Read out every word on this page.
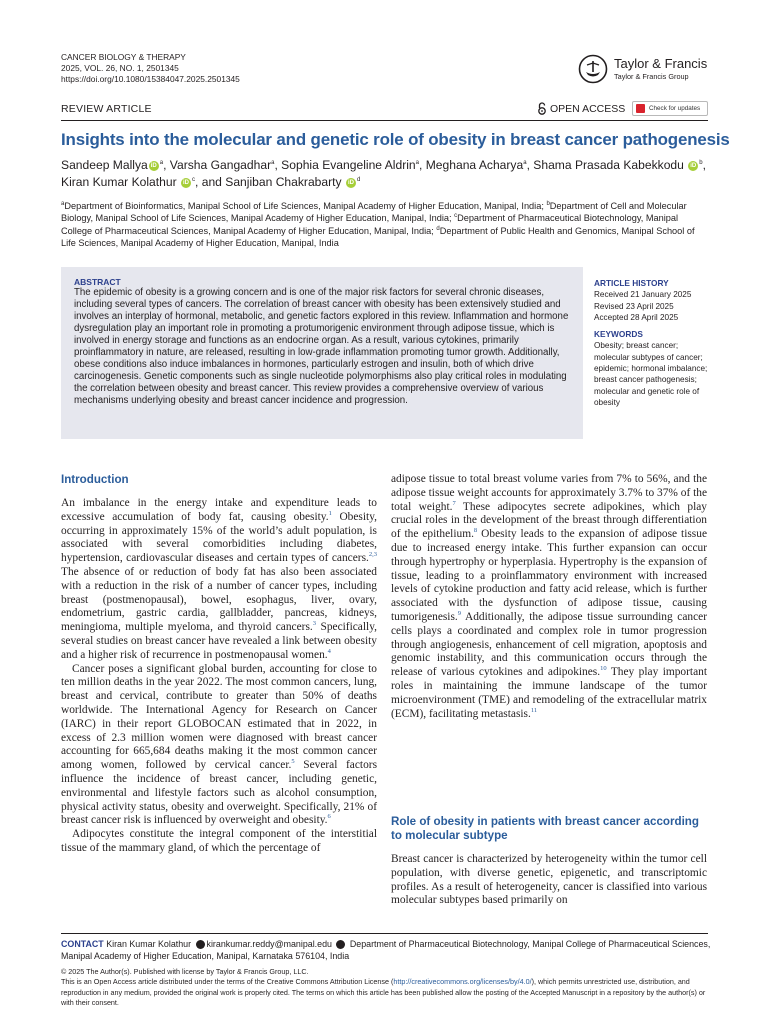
CANCER BIOLOGY & THERAPY
2025, VOL. 26, NO. 1, 2501345
https://doi.org/10.1080/15384047.2025.2501345
Taylor & Francis
Taylor & Francis Group
REVIEW ARTICLE	OPEN ACCESS	Check for updates
Insights into the molecular and genetic role of obesity in breast cancer pathogenesis
Sandeep Mallya iD $^a$, Varsha Gangadhar$^a$, Sophia Evangeline Aldrin$^a$, Meghana Acharya$^a$, Shama Prasada Kabekkodu iD $^b$, Kiran Kumar Kolathur iD $^c$, and Sanjiban Chakrabarty iD $^d$
$^a$Department of Bioinformatics, Manipal School of Life Sciences, Manipal Academy of Higher Education, Manipal, India; $^b$Department of Cell and Molecular Biology, Manipal School of Life Sciences, Manipal Academy of Higher Education, Manipal, India; $^c$Department of Pharmaceutical Biotechnology, Manipal College of Pharmaceutical Sciences, Manipal Academy of Higher Education, Manipal, India; $^d$Department of Public Health and Genomics, Manipal School of Life Sciences, Manipal Academy of Higher Education, Manipal, India
ABSTRACT
The epidemic of obesity is a growing concern and is one of the major risk factors for several chronic diseases, including several types of cancers. The correlation of breast cancer with obesity has been extensively studied and involves an interplay of hormonal, metabolic, and genetic factors explored in this review. Inflammation and hormone dysregulation play an important role in promoting a protumorigenic environment through adipose tissue, which is involved in energy storage and functions as an endocrine organ. As a result, various cytokines, primarily proinflammatory in nature, are released, resulting in low-grade inflammation promoting tumor growth. Additionally, obese conditions also induce imbalances in hormones, particularly estrogen and insulin, both of which drive carcinogenesis. Genetic components such as single nucleotide polymorphisms also play critical roles in modulating the correlation between obesity and breast cancer. This review provides a comprehensive overview of various mechanisms underlying obesity and breast cancer incidence and progression.
ARTICLE HISTORY
Received 21 January 2025
Revised 23 April 2025
Accepted 28 April 2025
KEYWORDS
Obesity; breast cancer; molecular subtypes of cancer; epidemic; hormonal imbalance; breast cancer pathogenesis; molecular and genetic role of obesity
Introduction

An imbalance in the energy intake and expenditure leads to excessive accumulation of body fat, causing obesity.$^1$ Obesity, occurring in approximately 15% of the world’s adult population, is associated with several comorbidities including diabetes, hypertension, cardiovascular diseases and certain types of cancers.$^{2,3}$ The absence of or reduction of body fat has also been associated with a reduction in the risk of a number of cancer types, including breast (postmenopausal), bowel, esophagus, liver, ovary, endometrium, gastric cardia, gallbladder, pancreas, kidneys, meningioma, multiple myeloma, and thyroid cancers.$^3$ Specifically, several studies on breast cancer have revealed a link between obesity and a higher risk of recurrence in postmenopausal women.$^4$

Cancer poses a significant global burden, accounting for close to ten million deaths in the year 2022. The most common cancers, lung, breast and cervical, contribute to greater than 50% of deaths worldwide. The International Agency for Research on Cancer (IARC) in their report GLOBOCAN estimated that in 2022, in excess of 2.3 million women were diagnosed with breast cancer accounting for 665,684 deaths making it the most common cancer among women, followed by cervical cancer.$^5$ Several factors influence the incidence of breast cancer, including genetic, environmental and lifestyle factors such as alcohol consumption, physical activity status, obesity and overweight. Specifically, 21% of breast cancer risk is influenced by overweight and obesity.$^6$

Adipocytes constitute the integral component of the interstitial tissue of the mammary gland, of which the percentage of

adipose tissue to total breast volume varies from 7% to 56%, and the adipose tissue weight accounts for approximately 3.7% to 37% of the total weight.$^7$ These adipocytes secrete adipokines, which play crucial roles in the development of the breast through differentiation of the epithelium.$^8$ Obesity leads to the expansion of adipose tissue due to increased energy intake. This further expansion can occur through hypertrophy or hyperplasia. Hypertrophy is the expansion of tissue, leading to a proinflammatory environment with increased levels of cytokine production and fatty acid release, which is further associated with the dysfunction of adipose tissue, causing tumorigenesis.$^9$ Additionally, the adipose tissue surrounding cancer cells plays a coordinated and complex role in tumor progression through angiogenesis, enhancement of cell migration, apoptosis and genomic instability, and this communication occurs through the release of various cytokines and adipokines.$^{10}$ They play important roles in maintaining the immune landscape of the tumor microenvironment (TME) and remodeling of the extracellular matrix (ECM), facilitating metastasis.$^{11}$

Role of obesity in patients with breast cancer according to molecular subtype

Breast cancer is characterized by heterogeneity within the tumor cell population, with diverse genetic, epigenetic, and transcriptomic profiles. As a result of heterogeneity, cancer is classified into various molecular subtypes based primarily on

CONTACT Kiran Kumar Kolathur kirankumar.reddy@manipal.edu  Department of Pharmaceutical Biotechnology, Manipal College of Pharmaceutical Sciences, Manipal Academy of Higher Education, Manipal, Karnataka 576104, India
© 2025 The Author(s). Published with license by Taylor & Francis Group, LLC.
This is an Open Access article distributed under the terms of the Creative Commons Attribution License (http://creativecommons.org/licenses/by/4.0/), which permits unrestricted use, distribution, and reproduction in any medium, provided the original work is properly cited. The terms on which this article has been published allow the posting of the Accepted Manuscript in a repository by the author(s) or with their consent.
